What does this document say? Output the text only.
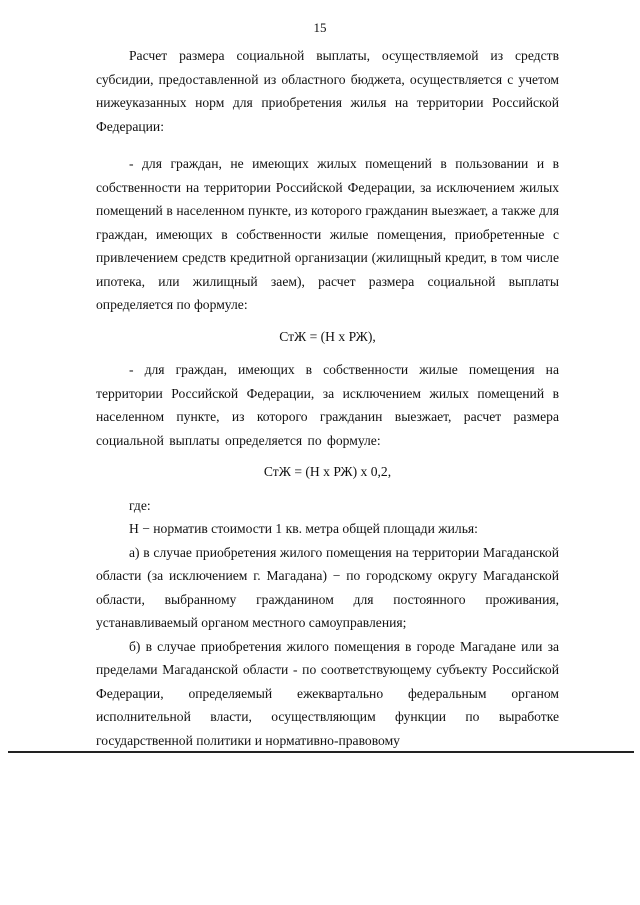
15

Расчет размера социальной выплаты, осуществляемой из средств субсидии, предоставленной из областного бюджета, осуществляется с учетом нижеуказанных норм для приобретения жилья на территории Российской Федерации:

- для граждан, не имеющих жилых помещений в пользовании и в собственности на территории Российской Федерации, за исключением жилых помещений в населенном пункте, из которого гражданин выезжает, а также для граждан, имеющих в собственности жилые помещения, приобретенные с привлечением средств кредитной организации (жилищный кредит, в том числе ипотека, или жилищный заем), расчет размера социальной выплаты определяется по формуле:

СтЖ = (Н х РЖ),

- для граждан, имеющих в собственности жилые помещения на территории Российской Федерации, за исключением жилых помещений в населенном пункте, из которого гражданин выезжает, расчет размера социальной выплаты определяется по формуле:

СтЖ = (Н х РЖ) х 0,2,

где:

Н − норматив стоимости 1 кв. метра общей площади жилья:

а) в случае приобретения жилого помещения на территории Магаданской области (за исключением г. Магадана) − по городскому округу Магаданской области, выбранному гражданином для постоянного проживания, устанавливаемый органом местного самоуправления;

б) в случае приобретения жилого помещения в городе Магадане или за пределами Магаданской области - по соответствующему субъекту Российской Федерации, определяемый ежеквартально федеральным органом исполнительной власти, осуществляющим функции по выработке государственной политики и нормативно-правовому
